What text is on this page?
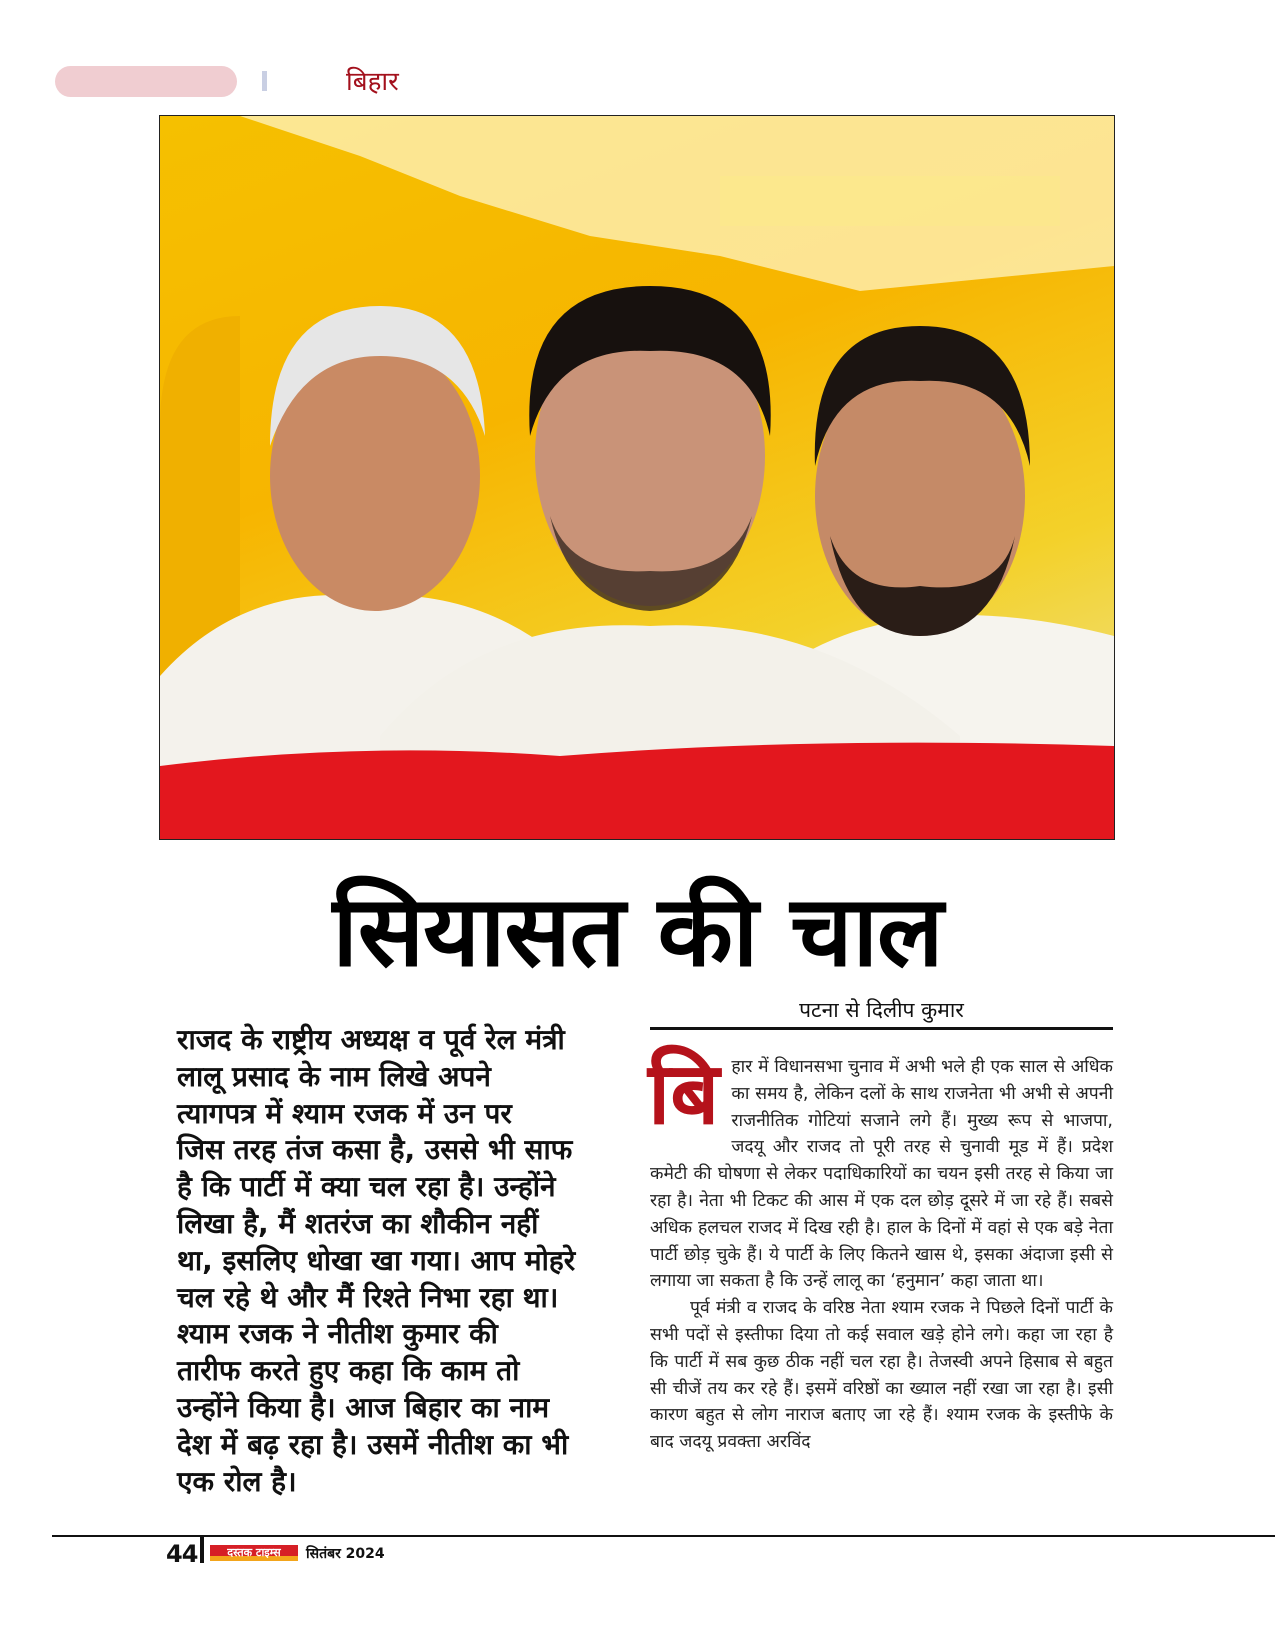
बिहार
सियासत की चाल
राजद के राष्ट्रीय अध्यक्ष व पूर्व रेल मंत्री
लालू प्रसाद के नाम लिखे अपने
त्यागपत्र में श्याम रजक में उन पर
जिस तरह तंज कसा है, उससे भी साफ
है कि पार्टी में क्या चल रहा है। उन्होंने
लिखा है, मैं शतरंज का शौकीन नहीं
था, इसलिए धोखा खा गया। आप मोहरे
चल रहे थे और मैं रिश्ते निभा रहा था।
श्याम रजक ने नीतीश कुमार की
तारीफ करते हुए कहा कि काम तो
उन्होंने किया है। आज बिहार का नाम
देश में बढ़ रहा है। उसमें नीतीश का भी
एक रोल है।
पटना से दिलीप कुमार
बि हार में विधानसभा चुनाव में अभी भले ही एक साल से अधिक का समय है, लेकिन दलों के साथ राजनेता भी अभी से अपनी राजनीतिक गोटियां सजाने लगे हैं। मुख्य रूप से भाजपा, जदयू और राजद तो पूरी तरह से चुनावी मूड में हैं। प्रदेश कमेटी की घोषणा से लेकर पदाधिकारियों का चयन इसी तरह से किया जा रहा है। नेता भी टिकट की आस में एक दल छोड़ दूसरे में जा रहे हैं। सबसे अधिक हलचल राजद में दिख रही है। हाल के दिनों में वहां से एक बड़े नेता पार्टी छोड़ चुके हैं। ये पार्टी के लिए कितने खास थे, इसका अंदाजा इसी से लगाया जा सकता है कि उन्हें लालू का ‘हनुमान’ कहा जाता था।

पूर्व मंत्री व राजद के वरिष्ठ नेता श्याम रजक ने पिछले दिनों पार्टी के सभी पदों से इस्तीफा दिया तो कई सवाल खड़े होने लगे। कहा जा रहा है कि पार्टी में सब कुछ ठीक नहीं चल रहा है। तेजस्वी अपने हिसाब से बहुत सी चीजें तय कर रहे हैं। इसमें वरिष्ठों का ख्याल नहीं रखा जा रहा है। इसी कारण बहुत से लोग नाराज बताए जा रहे हैं। श्याम रजक के इस्तीफे के बाद जदयू प्रवक्ता अरविंद

44	दस्तक टाइम्स	सितंबर 2024
